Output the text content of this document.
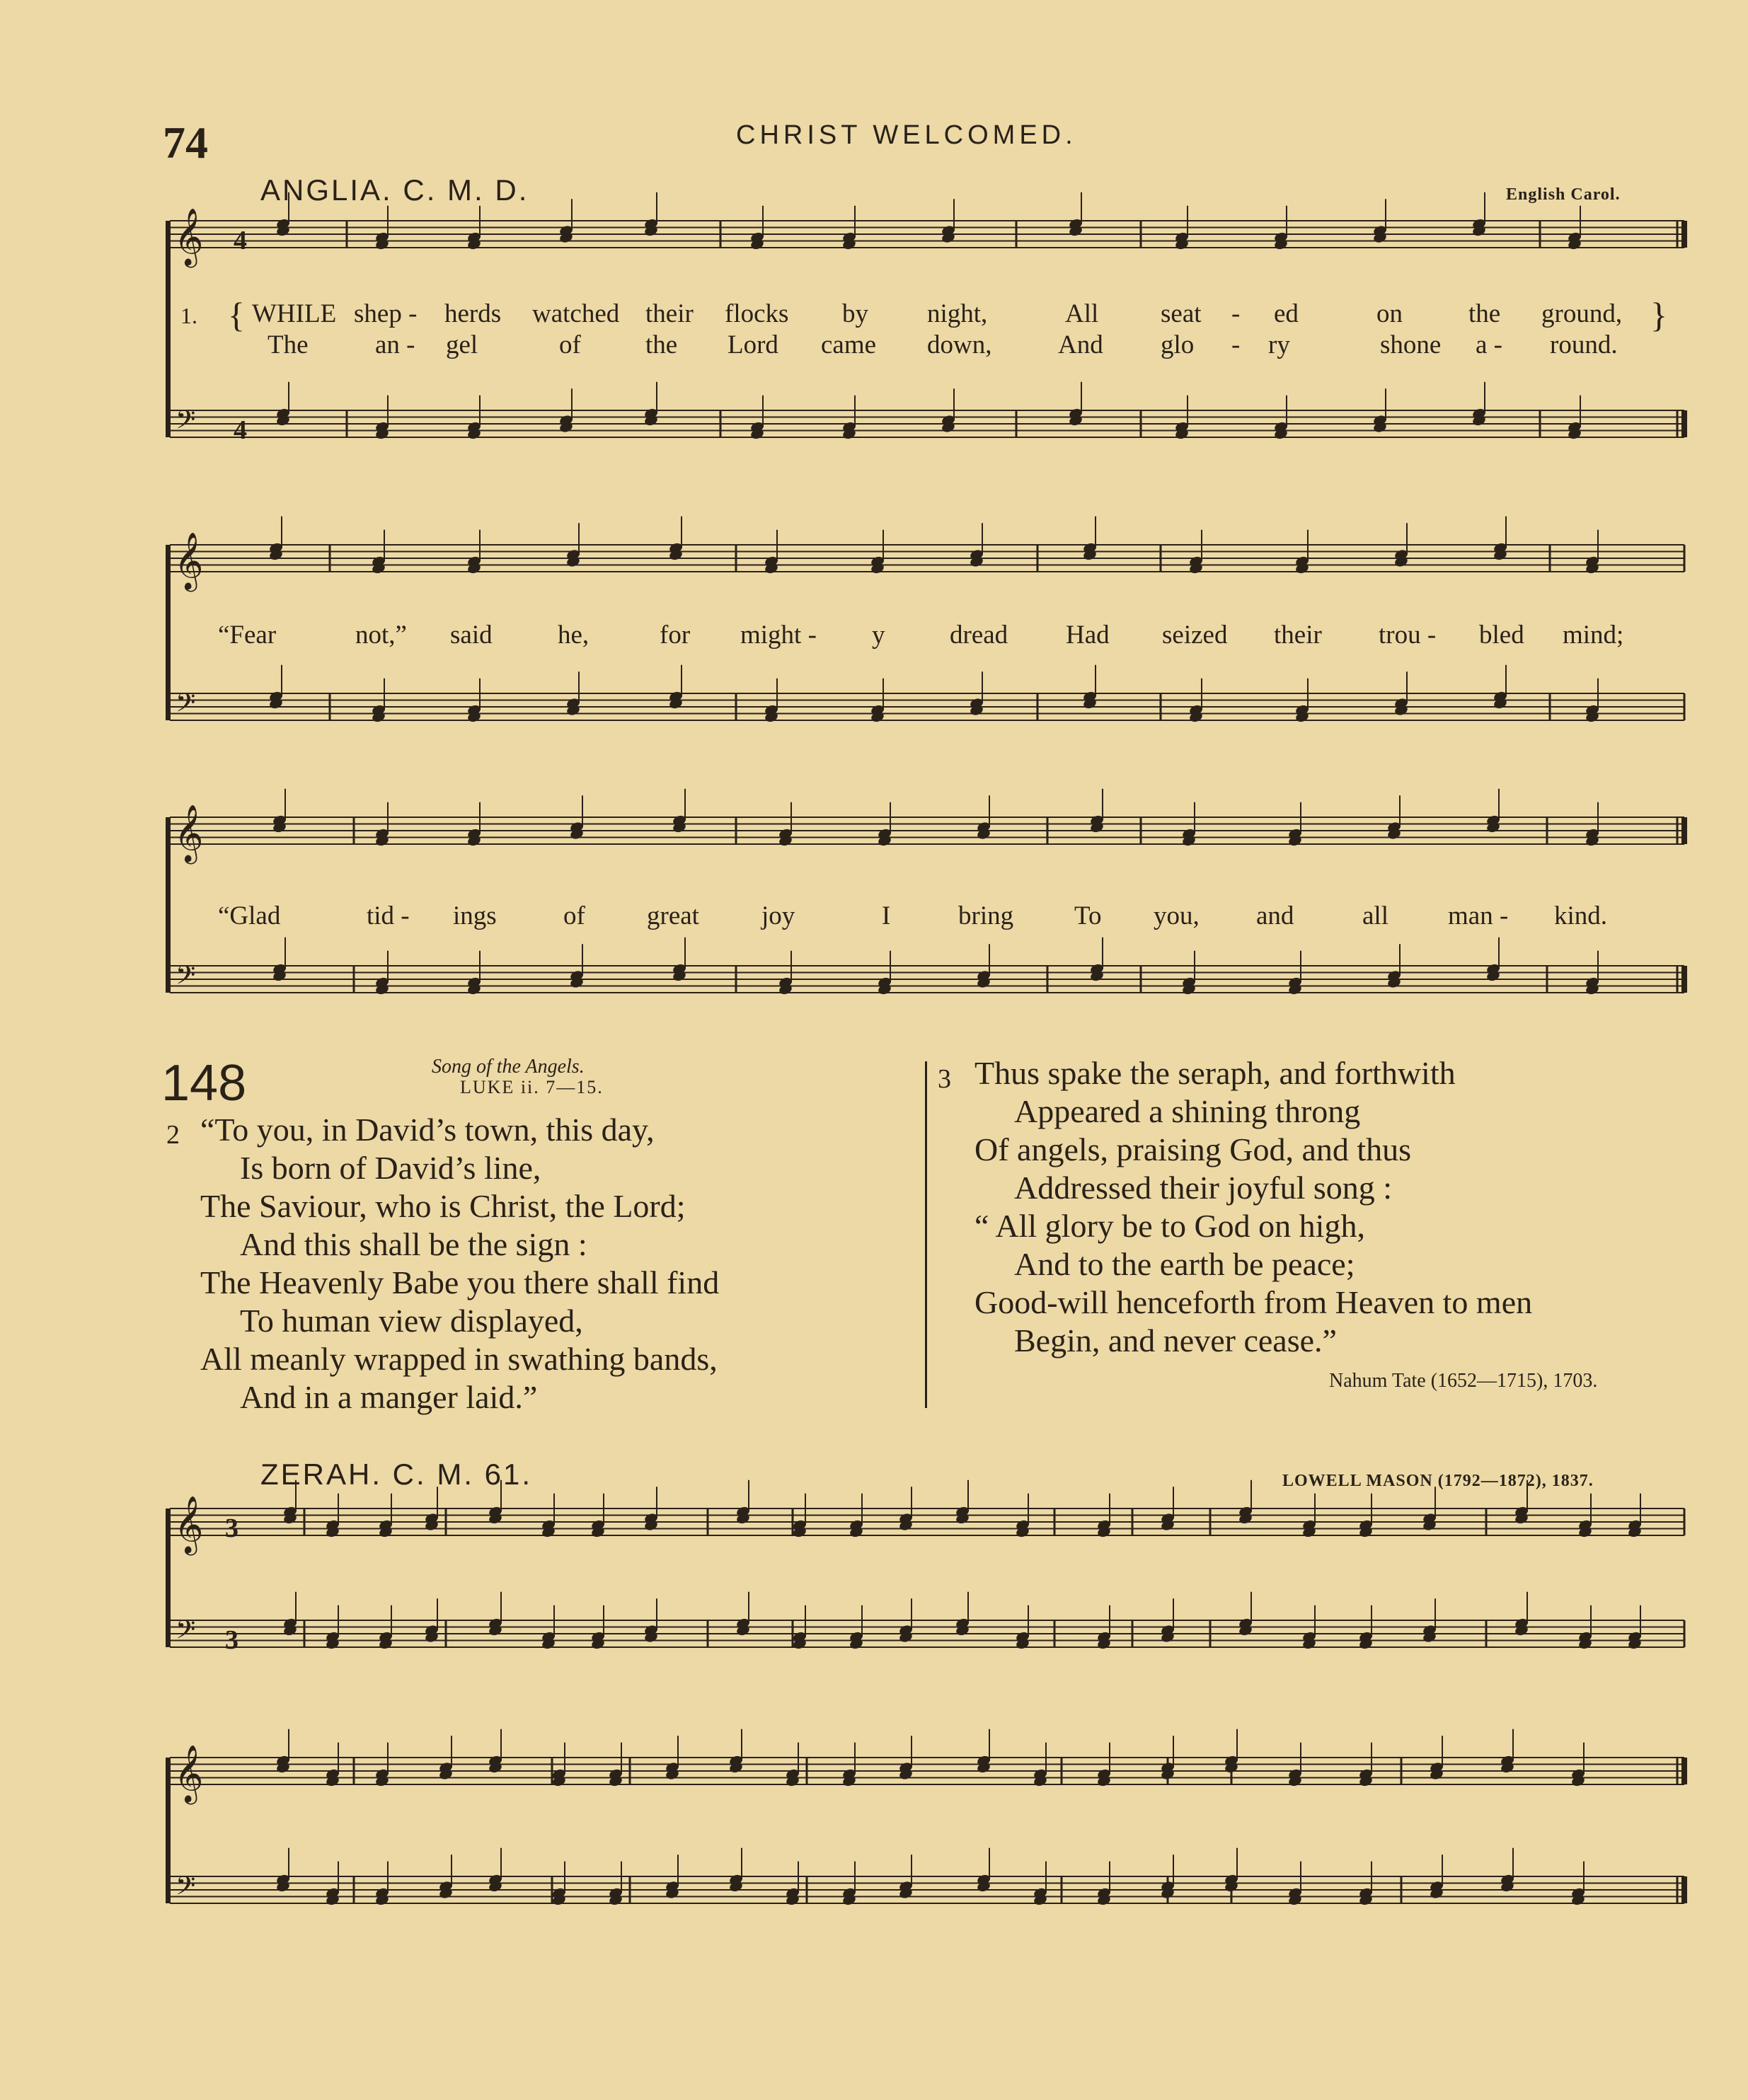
74	CHRIST WELCOMED.
ANGLIA. C. M. D.	English Carol.
𝄞
𝄢
𝄞
𝄢
𝄞
𝄢
𝄞
𝄢
𝄞
𝄢
4
4
3
3
1. {	}
WHILE shep - herds watched their flocks by night,	All seat - ed	on	the ground,
The	an - gel	of the Lord came down,	And glo - ry	shone a - round.
“Fear	not,” said he,	for might - y dread Had seized their trou - bled mind;
“Glad	tid - ings	of great joy	I	bring To you, and	all man - kind.
148	Song of the Angels.
LUKE ii. 7—15.
2 “To you, in David’s town, this day,
Is born of David’s line,
The Saviour, who is Christ, the Lord;
And this shall be the sign :
The Heavenly Babe you there shall find
To human view displayed,
All meanly wrapped in swathing bands,
And in a manger laid.”
3 Thus spake the seraph, and forthwith
Appeared a shining throng
Of angels, praising God, and thus
Addressed their joyful song :
“ All glory be to God on high,
And to the earth be peace;
Good-will henceforth from Heaven to men
Begin, and never cease.”
Nahum Tate (1652—1715), 1703.
ZERAH. C. M. 61.	LOWELL MASON (1792—1872), 1837.
